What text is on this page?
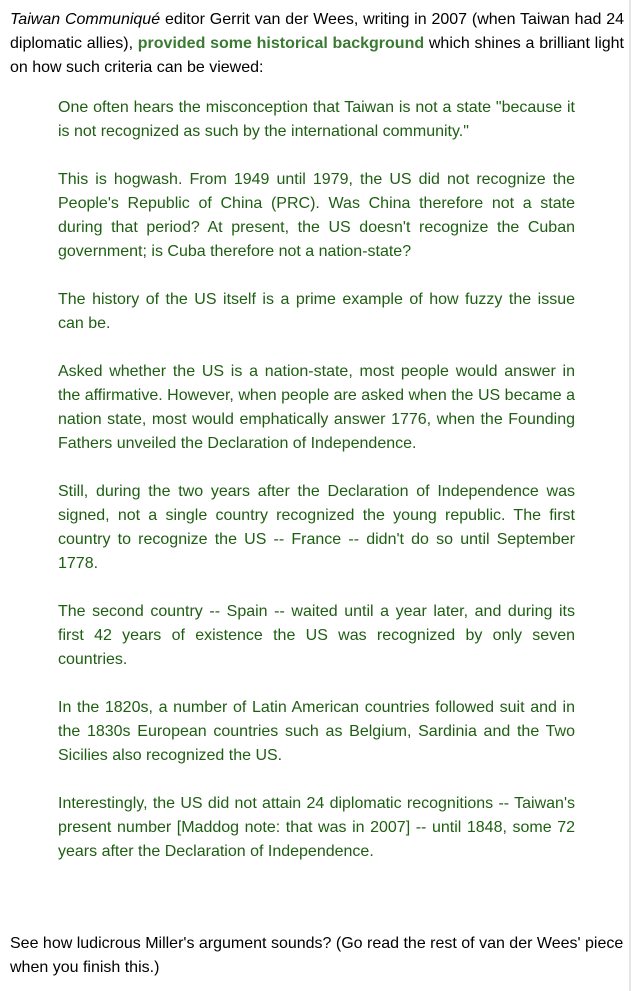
Taiwan Communiqué editor Gerrit van der Wees, writing in 2007 (when Taiwan had 24 diplomatic allies), provided some historical background which shines a brilliant light on how such criteria can be viewed:

One often hears the misconception that Taiwan is not a state "because it is not recognized as such by the international community."

This is hogwash. From 1949 until 1979, the US did not recognize the People's Republic of China (PRC). Was China therefore not a state during that period? At present, the US doesn't recognize the Cuban government; is Cuba therefore not a nation-state?

The history of the US itself is a prime example of how fuzzy the issue can be.

Asked whether the US is a nation-state, most people would answer in the affirmative. However, when people are asked when the US became a nation state, most would emphatically answer 1776, when the Founding Fathers unveiled the Declaration of Independence.

Still, during the two years after the Declaration of Independence was signed, not a single country recognized the young republic. The first country to recognize the US -- France -- didn't do so until September 1778.

The second country -- Spain -- waited until a year later, and during its first 42 years of existence the US was recognized by only seven countries.

In the 1820s, a number of Latin American countries followed suit and in the 1830s European countries such as Belgium, Sardinia and the Two Sicilies also recognized the US.

Interestingly, the US did not attain 24 diplomatic recognitions -- Taiwan's present number [Maddog note: that was in 2007] -- until 1848, some 72 years after the Declaration of Independence.

See how ludicrous Miller's argument sounds? (Go read the rest of van der Wees' piece when you finish this.)
